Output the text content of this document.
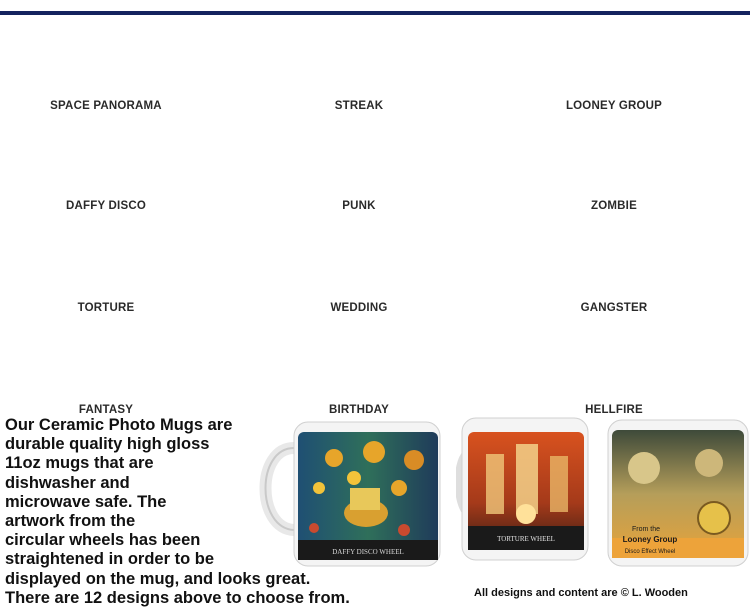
SPACE PANORAMA	STREAK	LOONEY GROUP
DAFFY DISCO	PUNK	ZOMBIE
TORTURE	WEDDING	GANGSTER
FANTASY	BIRTHDAY	HELLFIRE
DAFFY DISCO WHEEL
TORTURE WHEEL
From the
Looney Group
Disco Effect Wheel

Our Ceramic Photo Mugs are
durable quality high gloss
11oz mugs that are
dishwasher and
microwave safe. The
artwork from the
circular wheels has been
straightened in order to be
displayed on the mug, and looks great.
There are 12 designs above to choose from.	All designs and content are © L. Wooden
